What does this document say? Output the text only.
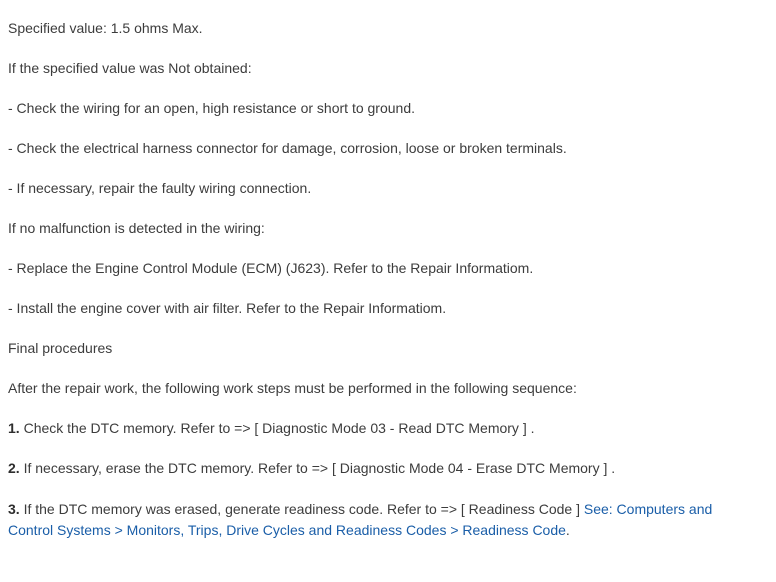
Specified value: 1.5 ohms Max.
If the specified value was Not obtained:
- Check the wiring for an open, high resistance or short to ground.
- Check the electrical harness connector for damage, corrosion, loose or broken terminals.
- If necessary, repair the faulty wiring connection.
If no malfunction is detected in the wiring:
- Replace the Engine Control Module (ECM) (J623). Refer to the Repair Informatiom.
- Install the engine cover with air filter. Refer to the Repair Informatiom.
Final procedures
After the repair work, the following work steps must be performed in the following sequence:
1. Check the DTC memory. Refer to => [ Diagnostic Mode 03 - Read DTC Memory ] .
2. If necessary, erase the DTC memory. Refer to => [ Diagnostic Mode 04 - Erase DTC Memory ] .
3. If the DTC memory was erased, generate readiness code. Refer to => [ Readiness Code ] See: Computers and Control Systems > Monitors, Trips, Drive Cycles and Readiness Codes > Readiness Code.
